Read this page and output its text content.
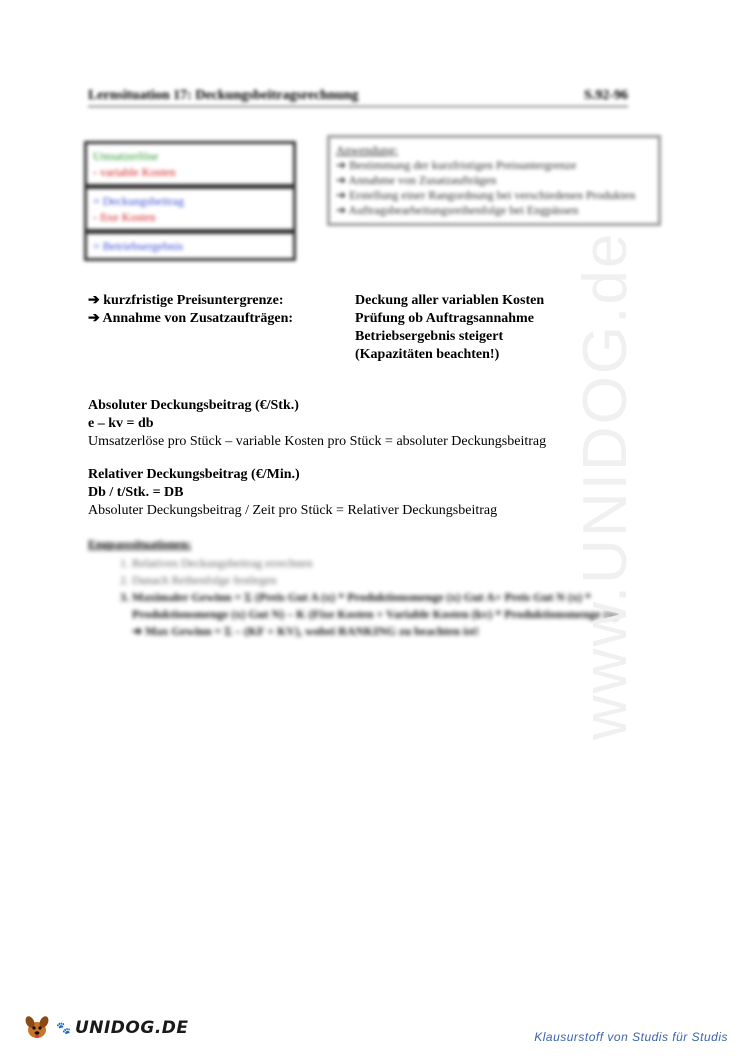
Lernsituation 17: Deckungsbeitragsrechnung	S.92-96
Umsatzerlöse
- variable Kosten
= Deckungsbeitrag
- fixe Kosten
= Betriebsergebnis
Anwendung:
➔ Bestimmung der kurzfristigen Preisuntergrenze
➔ Annahme von Zusatzaufträgen
➔ Erstellung einer Rangordnung bei verschiedenen Produkten
➔ Auftragsbearbeitungsreihenfolge bei Engpässen
➔ kurzfristige Preisuntergrenze:	Deckung aller variablen Kosten
➔ Annahme von Zusatzaufträgen:	Prüfung ob Auftragsannahme
Betriebsergebnis steigert
(Kapazitäten beachten!)
Absoluter Deckungsbeitrag (€/Stk.)
e – kv = db
Umsatzerlöse pro Stück – variable Kosten pro Stück = absoluter Deckungsbeitrag
Relativer Deckungsbeitrag (€/Min.)
Db / t/Stk. = DB
Absoluter Deckungsbeitrag / Zeit pro Stück = Relativer Deckungsbeitrag
Engpasssituationen:
1. Relativen Deckungsbeitrag errechnen
2. Danach Reihenfolge festlegen
3. Maximaler Gewinn = Σ (Preis Gut A (x) * Produktionsmenge (x) Gut A+ Preis Gut N (x) * Produktionsmenge (x) Gut N) – K (Fixe Kosten + Variable Kosten (kv) * Produktionsmenge (x)
➔ Max Gewinn = Σ – (KF + KV), wobei RANKING zu beachten ist!	www.UNIDOG.de
🐾 UNIDOG.DE	Klausurstoff von Studis für Studis
